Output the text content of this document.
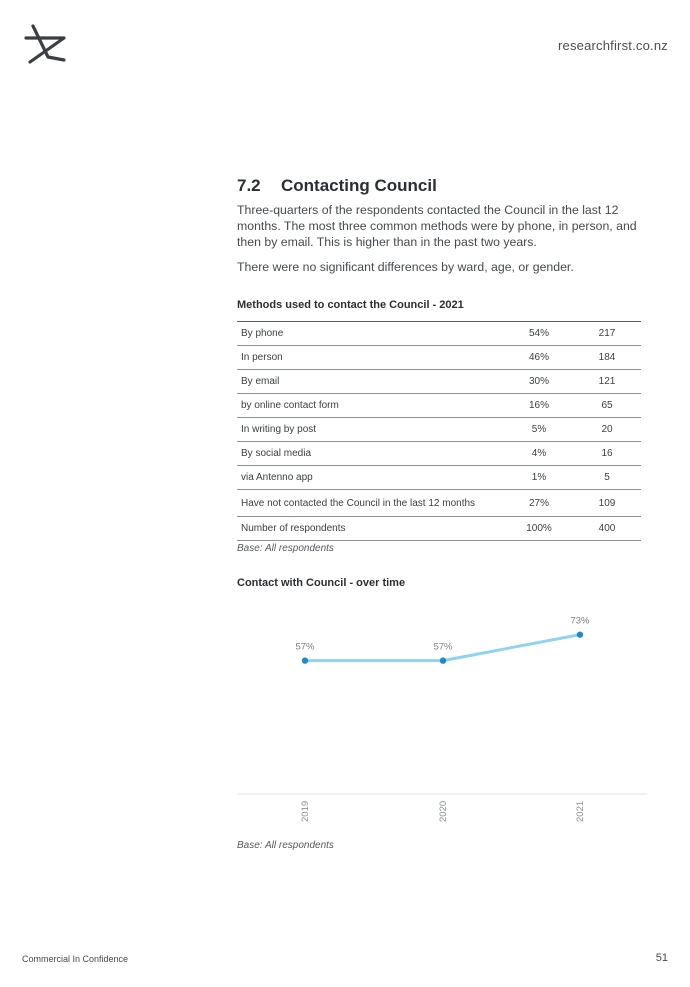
researchfirst.co.nz
7.2 Contacting Council

Three-quarters of the respondents contacted the Council in the last 12 months. The most three common methods were by phone, in person, and then by email. This is higher than in the past two years.

There were no significant differences by ward, age, or gender.

Methods used to contact the Council - 2021

By phone	54%	217
In person	46%	184
By email	30%	121
by online contact form	16%	65
In writing by post	5%	20
By social media	4%	16
via Antenno app	1%	5
Have not contacted the Council in the last 12 months	27%	109
Number of respondents	100%	400
Base: All respondents

Contact with Council - over time

57%
2019
57%
2020
73%
2021
Base: All respondents
Commercial In Confidence	51
